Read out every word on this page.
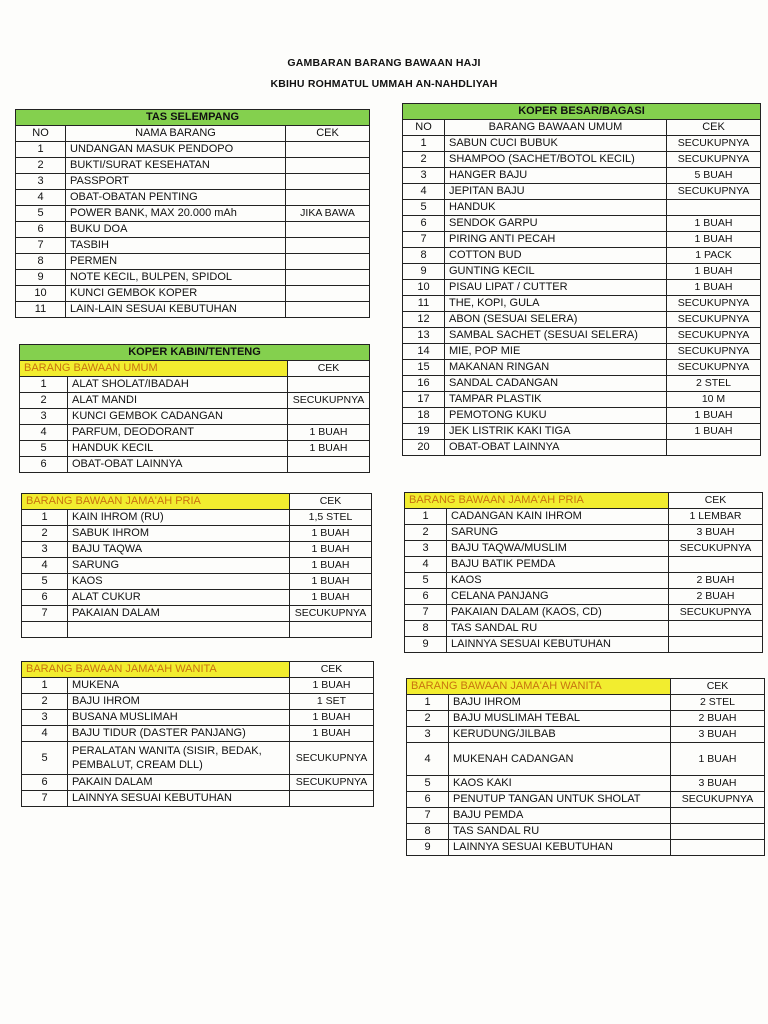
GAMBARAN BARANG BAWAAN HAJI
KBIHU ROHMATUL UMMAH AN-NAHDLIYAH
TAS SELEMPANG		
NO	NAMA BARANG	CEK
1	UNDANGAN MASUK PENDOPO	
2	BUKTI/SURAT KESEHATAN	
3	PASSPORT	
4	OBAT-OBATAN PENTING	
5	POWER BANK, MAX 20.000 mAh	JIKA BAWA
6	BUKU DOA	
7	TASBIH	
8	PERMEN	
9	NOTE KECIL, BULPEN, SPIDOL	
10	KUNCI GEMBOK KOPER	
11	LAIN-LAIN SESUAI KEBUTUHAN	
KOPER KABIN/TENTENG		
BARANG BAWAAN UMUM		CEK
1	ALAT SHOLAT/IBADAH	
2	ALAT MANDI	SECUKUPNYA
3	KUNCI GEMBOK CADANGAN	
4	PARFUM, DEODORANT	1 BUAH
5	HANDUK KECIL	1 BUAH
6	OBAT-OBAT LAINNYA	
BARANG BAWAAN JAMA'AH PRIA		CEK
1	KAIN IHROM (RU)	1,5 STEL
2	SABUK IHROM	1 BUAH
3	BAJU TAQWA	1 BUAH
4	SARUNG	1 BUAH
5	KAOS	1 BUAH
6	ALAT CUKUR	1 BUAH
7	PAKAIAN DALAM	SECUKUPNYA

BARANG BAWAAN JAMA'AH WANITA		CEK
1	MUKENA	1 BUAH
2	BAJU IHROM	1 SET
3	BUSANA MUSLIMAH	1 BUAH
4	BAJU TIDUR (DASTER PANJANG)	1 BUAH
5	PERALATAN WANITA (SISIR, BEDAK, PEMBALUT, CREAM DLL)	SECUKUPNYA
6	PAKAIN DALAM	SECUKUPNYA
7	LAINNYA SESUAI KEBUTUHAN	
KOPER BESAR/BAGASI		
NO	BARANG BAWAAN UMUM	CEK
1	SABUN CUCI BUBUK	SECUKUPNYA
2	SHAMPOO (SACHET/BOTOL KECIL)	SECUKUPNYA
3	HANGER BAJU	5 BUAH
4	JEPITAN BAJU	SECUKUPNYA
5	HANDUK	
6	SENDOK GARPU	1 BUAH
7	PIRING ANTI PECAH	1 BUAH
8	COTTON BUD	1 PACK
9	GUNTING KECIL	1 BUAH
10	PISAU LIPAT / CUTTER	1 BUAH
11	THE, KOPI, GULA	SECUKUPNYA
12	ABON (SESUAI SELERA)	SECUKUPNYA
13	SAMBAL SACHET (SESUAI SELERA)	SECUKUPNYA
14	MIE, POP MIE	SECUKUPNYA
15	MAKANAN RINGAN	SECUKUPNYA
16	SANDAL CADANGAN	2 STEL
17	TAMPAR PLASTIK	10 M
18	PEMOTONG KUKU	1 BUAH
19	JEK LISTRIK KAKI TIGA	1 BUAH
20	OBAT-OBAT LAINNYA	
BARANG BAWAAN JAMA'AH PRIA		CEK
1	CADANGAN KAIN IHROM	1 LEMBAR
2	SARUNG	3 BUAH
3	BAJU TAQWA/MUSLIM	SECUKUPNYA
4	BAJU BATIK PEMDA	
5	KAOS	2 BUAH
6	CELANA PANJANG	2 BUAH
7	PAKAIAN DALAM (KAOS, CD)	SECUKUPNYA
8	TAS SANDAL RU	
9	LAINNYA SESUAI KEBUTUHAN	
BARANG BAWAAN JAMA'AH WANITA		CEK
1	BAJU IHROM	2 STEL
2	BAJU MUSLIMAH TEBAL	2 BUAH
3	KERUDUNG/JILBAB	3 BUAH
4	MUKENAH CADANGAN	1 BUAH
5	KAOS KAKI	3 BUAH
6	PENUTUP TANGAN UNTUK SHOLAT	SECUKUPNYA
7	BAJU PEMDA	
8	TAS SANDAL RU	
9	LAINNYA SESUAI KEBUTUHAN	
